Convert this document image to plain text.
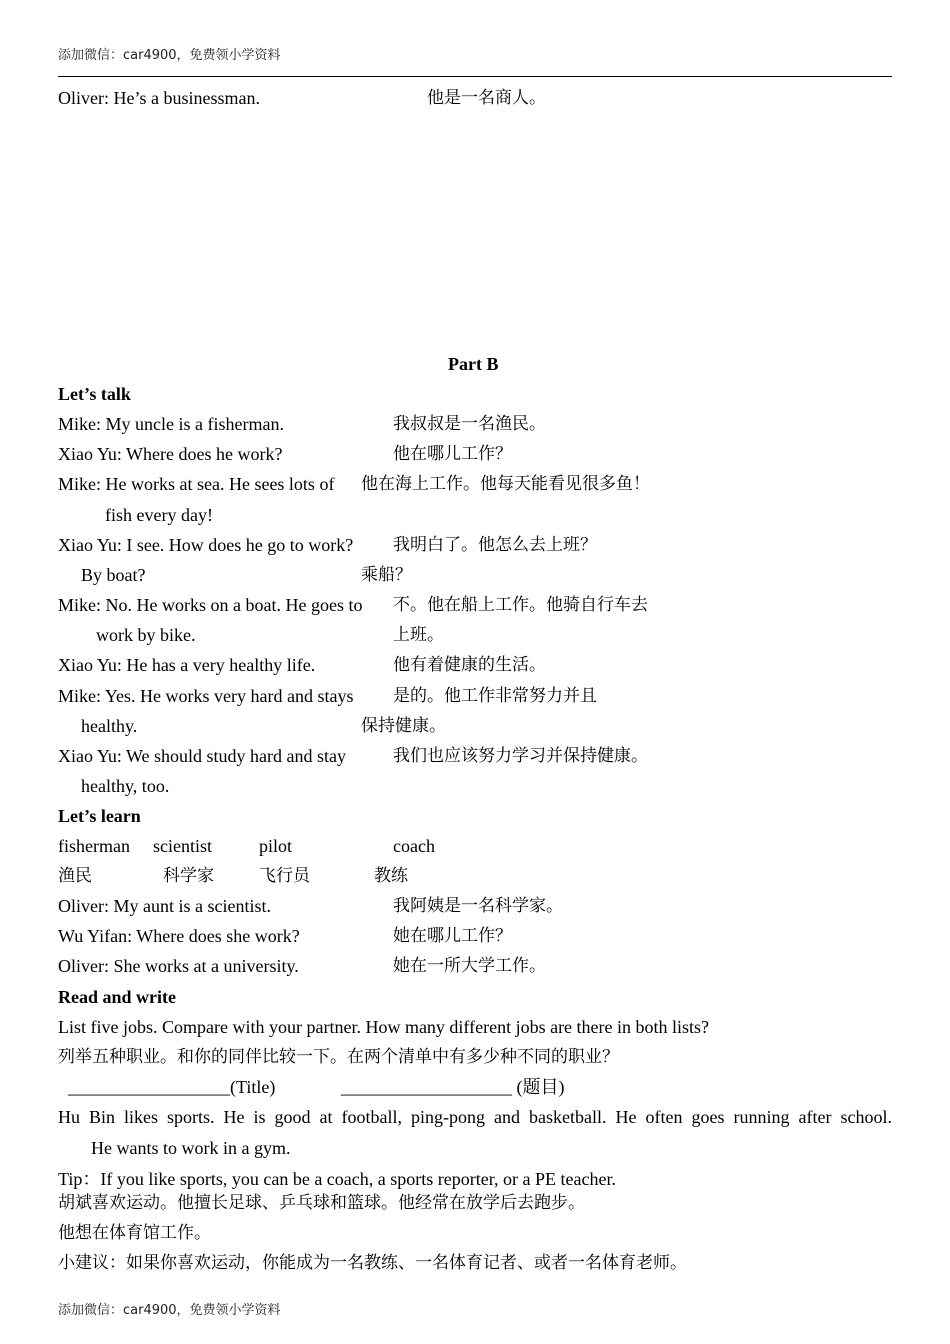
添加微信：car4900，免费领小学资料
Oliver: He’s a businessman.	他是一名商人。
Part B
Let’s talk
Mike: My uncle is a fisherman.	我叔叔是一名渔民。
Xiao Yu: Where does he work?	他在哪儿工作？
Mike: He works at sea. He sees lots of 他在海上工作。他每天能看见很多鱼！
fish every day!
Xiao Yu: I see. How does he go to work? 我明白了。他怎么去上班？
By boat?	乘船？
Mike: No. He works on a boat. He goes to 不。他在船上工作。他骑自行车去
work by bike.	上班。
Xiao Yu: He has a very healthy life.	他有着健康的生活。
Mike: Yes. He works very hard and stays 是的。他工作非常努力并且
healthy.	保持健康。
Xiao Yu: We should study hard and stay	我们也应该努力学习并保持健康。
healthy, too.
Let’s learn
fisherman scientist	pilot	coach
渔民	科学家	飞行员	教练
Oliver: My aunt is a scientist.	我阿姨是一名科学家。
Wu Yifan: Where does she work?	她在哪儿工作？
Oliver: She works at a university.	她在一所大学工作。
Read and write
List five jobs. Compare with your partner. How many different jobs are there in both lists?
列举五种职业。和你的同伴比较一下。在两个清单中有多少种不同的职业？
__________________(Title)	___________________ (题目)
Hu Bin likes sports. He is good at football, ping-pong and basketball. He often goes running after school.
He wants to work in a gym.
Tip：If you like sports, you can be a coach, a sports reporter, or a PE teacher.
胡斌喜欢运动。他擅长足球、乒乓球和篮球。他经常在放学后去跑步。
他想在体育馆工作。
小建议：如果你喜欢运动，你能成为一名教练、一名体育记者、或者一名体育老师。
添加微信：car4900，免费领小学资料
